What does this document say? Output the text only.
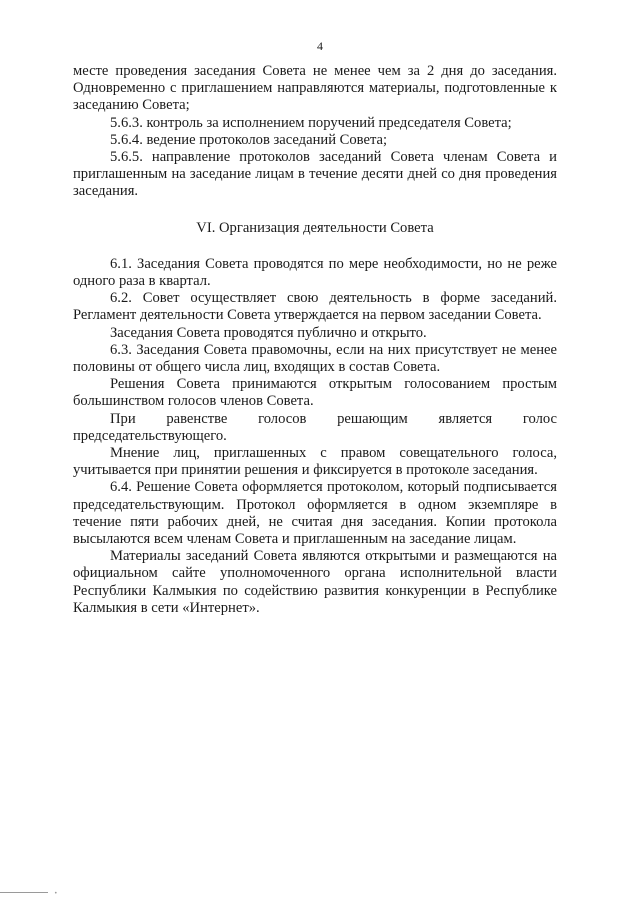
4

месте проведения заседания Совета не менее чем за 2 дня до заседания. Одновременно с приглашением направляются материалы, подготовленные к заседанию Совета;

5.6.3. контроль за исполнением поручений председателя Совета;

5.6.4. ведение протоколов заседаний Совета;

5.6.5. направление протоколов заседаний Совета членам Совета и приглашенным на заседание лицам в течение десяти дней со дня проведения заседания.

VI. Организация деятельности Совета

6.1. Заседания Совета проводятся по мере необходимости, но не реже одного раза в квартал.

6.2. Совет осуществляет свою деятельность в форме заседаний. Регламент деятельности Совета утверждается на первом заседании Совета.

Заседания Совета проводятся публично и открыто.

6.3. Заседания Совета правомочны, если на них присутствует не менее половины от общего числа лиц, входящих в состав Совета.

Решения Совета принимаются открытым голосованием простым большинством голосов членов Совета.

При равенстве голосов решающим является голос председательствующего.

Мнение лиц, приглашенных с правом совещательного голоса, учитывается при принятии решения и фиксируется в протоколе заседания.

6.4. Решение Совета оформляется протоколом, который подписывается председательствующим. Протокол оформляется в одном экземпляре в течение пяти рабочих дней, не считая дня заседания. Копии протокола высылаются всем членам Совета и приглашенным на заседание лицам.

Материалы заседаний Совета являются открытыми и размещаются на официальном сайте уполномоченного органа исполнительной власти Республики Калмыкия по содействию развития конкуренции в Республике Калмыкия в сети «Интернет».

•
